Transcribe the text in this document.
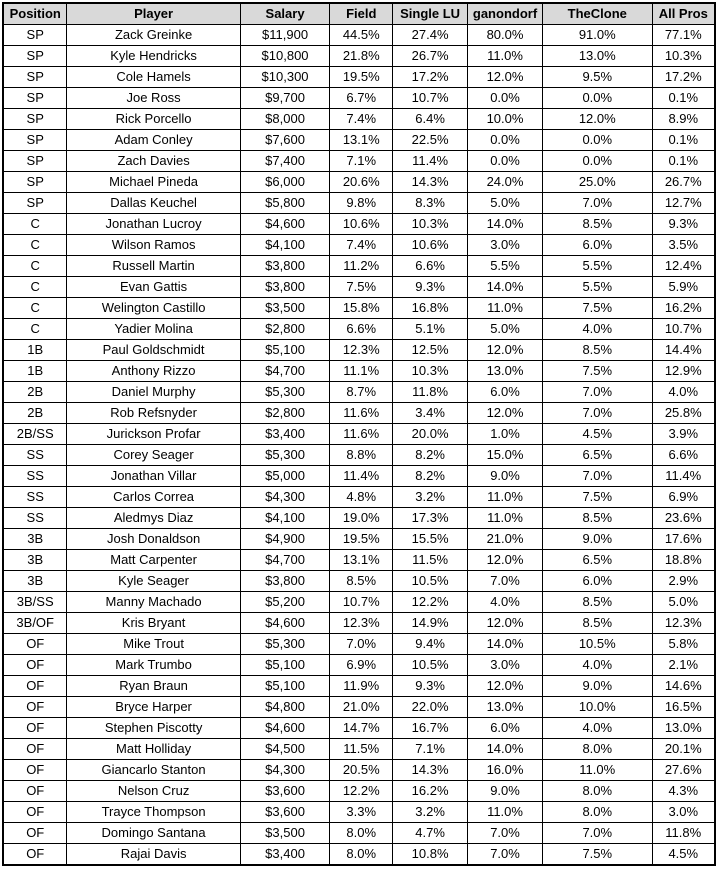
Position	Player	Salary	Field	Single LU	ganondorf	TheClone	All Pros
SP	Zack Greinke	$11,900	44.5%	27.4%	80.0%	91.0%	77.1%
SP	Kyle Hendricks	$10,800	21.8%	26.7%	11.0%	13.0%	10.3%
SP	Cole Hamels	$10,300	19.5%	17.2%	12.0%	9.5%	17.2%
SP	Joe Ross	$9,700	6.7%	10.7%	0.0%	0.0%	0.1%
SP	Rick Porcello	$8,000	7.4%	6.4%	10.0%	12.0%	8.9%
SP	Adam Conley	$7,600	13.1%	22.5%	0.0%	0.0%	0.1%
SP	Zach Davies	$7,400	7.1%	11.4%	0.0%	0.0%	0.1%
SP	Michael Pineda	$6,000	20.6%	14.3%	24.0%	25.0%	26.7%
SP	Dallas Keuchel	$5,800	9.8%	8.3%	5.0%	7.0%	12.7%
C	Jonathan Lucroy	$4,600	10.6%	10.3%	14.0%	8.5%	9.3%
C	Wilson Ramos	$4,100	7.4%	10.6%	3.0%	6.0%	3.5%
C	Russell Martin	$3,800	11.2%	6.6%	5.5%	5.5%	12.4%
C	Evan Gattis	$3,800	7.5%	9.3%	14.0%	5.5%	5.9%
C	Welington Castillo	$3,500	15.8%	16.8%	11.0%	7.5%	16.2%
C	Yadier Molina	$2,800	6.6%	5.1%	5.0%	4.0%	10.7%
1B	Paul Goldschmidt	$5,100	12.3%	12.5%	12.0%	8.5%	14.4%
1B	Anthony Rizzo	$4,700	11.1%	10.3%	13.0%	7.5%	12.9%
2B	Daniel Murphy	$5,300	8.7%	11.8%	6.0%	7.0%	4.0%
2B	Rob Refsnyder	$2,800	11.6%	3.4%	12.0%	7.0%	25.8%
2B/SS	Jurickson Profar	$3,400	11.6%	20.0%	1.0%	4.5%	3.9%
SS	Corey Seager	$5,300	8.8%	8.2%	15.0%	6.5%	6.6%
SS	Jonathan Villar	$5,000	11.4%	8.2%	9.0%	7.0%	11.4%
SS	Carlos Correa	$4,300	4.8%	3.2%	11.0%	7.5%	6.9%
SS	Aledmys Diaz	$4,100	19.0%	17.3%	11.0%	8.5%	23.6%
3B	Josh Donaldson	$4,900	19.5%	15.5%	21.0%	9.0%	17.6%
3B	Matt Carpenter	$4,700	13.1%	11.5%	12.0%	6.5%	18.8%
3B	Kyle Seager	$3,800	8.5%	10.5%	7.0%	6.0%	2.9%
3B/SS	Manny Machado	$5,200	10.7%	12.2%	4.0%	8.5%	5.0%
3B/OF	Kris Bryant	$4,600	12.3%	14.9%	12.0%	8.5%	12.3%
OF	Mike Trout	$5,300	7.0%	9.4%	14.0%	10.5%	5.8%
OF	Mark Trumbo	$5,100	6.9%	10.5%	3.0%	4.0%	2.1%
OF	Ryan Braun	$5,100	11.9%	9.3%	12.0%	9.0%	14.6%
OF	Bryce Harper	$4,800	21.0%	22.0%	13.0%	10.0%	16.5%
OF	Stephen Piscotty	$4,600	14.7%	16.7%	6.0%	4.0%	13.0%
OF	Matt Holliday	$4,500	11.5%	7.1%	14.0%	8.0%	20.1%
OF	Giancarlo Stanton	$4,300	20.5%	14.3%	16.0%	11.0%	27.6%
OF	Nelson Cruz	$3,600	12.2%	16.2%	9.0%	8.0%	4.3%
OF	Trayce Thompson	$3,600	3.3%	3.2%	11.0%	8.0%	3.0%
OF	Domingo Santana	$3,500	8.0%	4.7%	7.0%	7.0%	11.8%
OF	Rajai Davis	$3,400	8.0%	10.8%	7.0%	7.5%	4.5%
